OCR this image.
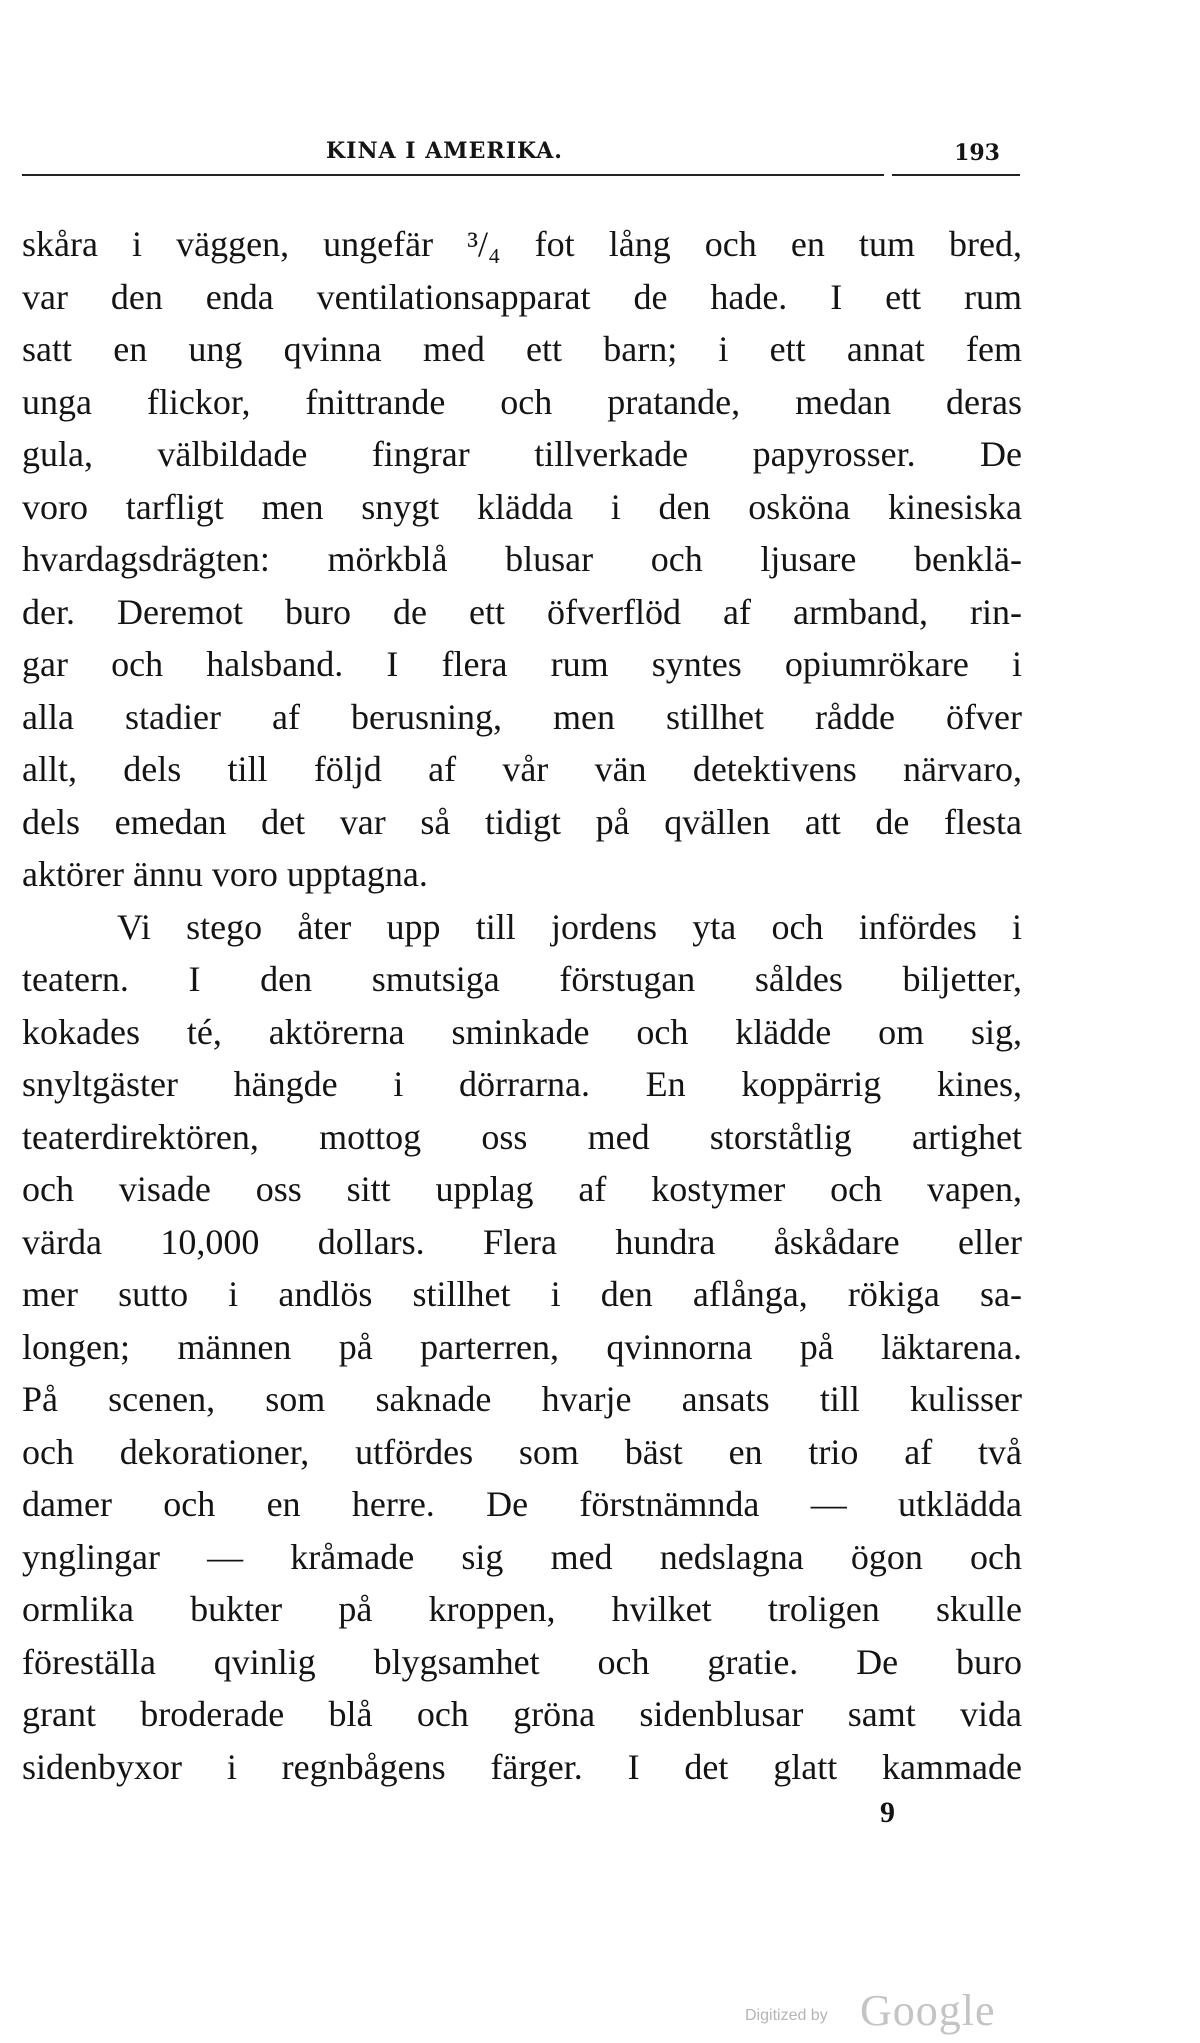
KINA I AMERIKA.	193
skåra i väggen, ungefär ³/₄ fot lång och en tum bred,
var den enda ventilationsapparat de hade. I ett rum
satt en ung qvinna med ett barn; i ett annat fem
unga flickor, fnittrande och pratande, medan deras
gula, välbildade fingrar tillverkade papyrosser. De
voro tarfligt men snygt klädda i den osköna kinesiska
hvardagsdrägten: mörkblå blusar och ljusare benklä-
der. Deremot buro de ett öfverflöd af armband, rin-
gar och halsband. I flera rum syntes opiumrökare i
alla stadier af berusning, men stillhet rådde öfver
allt, dels till följd af vår vän detektivens närvaro,
dels emedan det var så tidigt på qvällen att de flesta
aktörer ännu voro upptagna.
Vi stego åter upp till jordens yta och infördes i
teatern. I den smutsiga förstugan såldes biljetter,
kokades té, aktörerna sminkade och klädde om sig,
snyltgäster hängde i dörrarna. En koppärrig kines,
teaterdirektören, mottog oss med storståtlig artighet
och visade oss sitt upplag af kostymer och vapen,
värda 10,000 dollars. Flera hundra åskådare eller
mer sutto i andlös stillhet i den aflånga, rökiga sa-
longen; männen på parterren, qvinnorna på läktarena.
På scenen, som saknade hvarje ansats till kulisser
och dekorationer, utfördes som bäst en trio af två
damer och en herre. De förstnämnda — utklädda
ynglingar — kråmade sig med nedslagna ögon och
ormlika bukter på kroppen, hvilket troligen skulle
föreställa qvinlig blygsamhet och gratie. De buro
grant broderade blå och gröna sidenblusar samt vida
sidenbyxor i regnbågens färger. I det glatt kammade
9
Digitized by Google
